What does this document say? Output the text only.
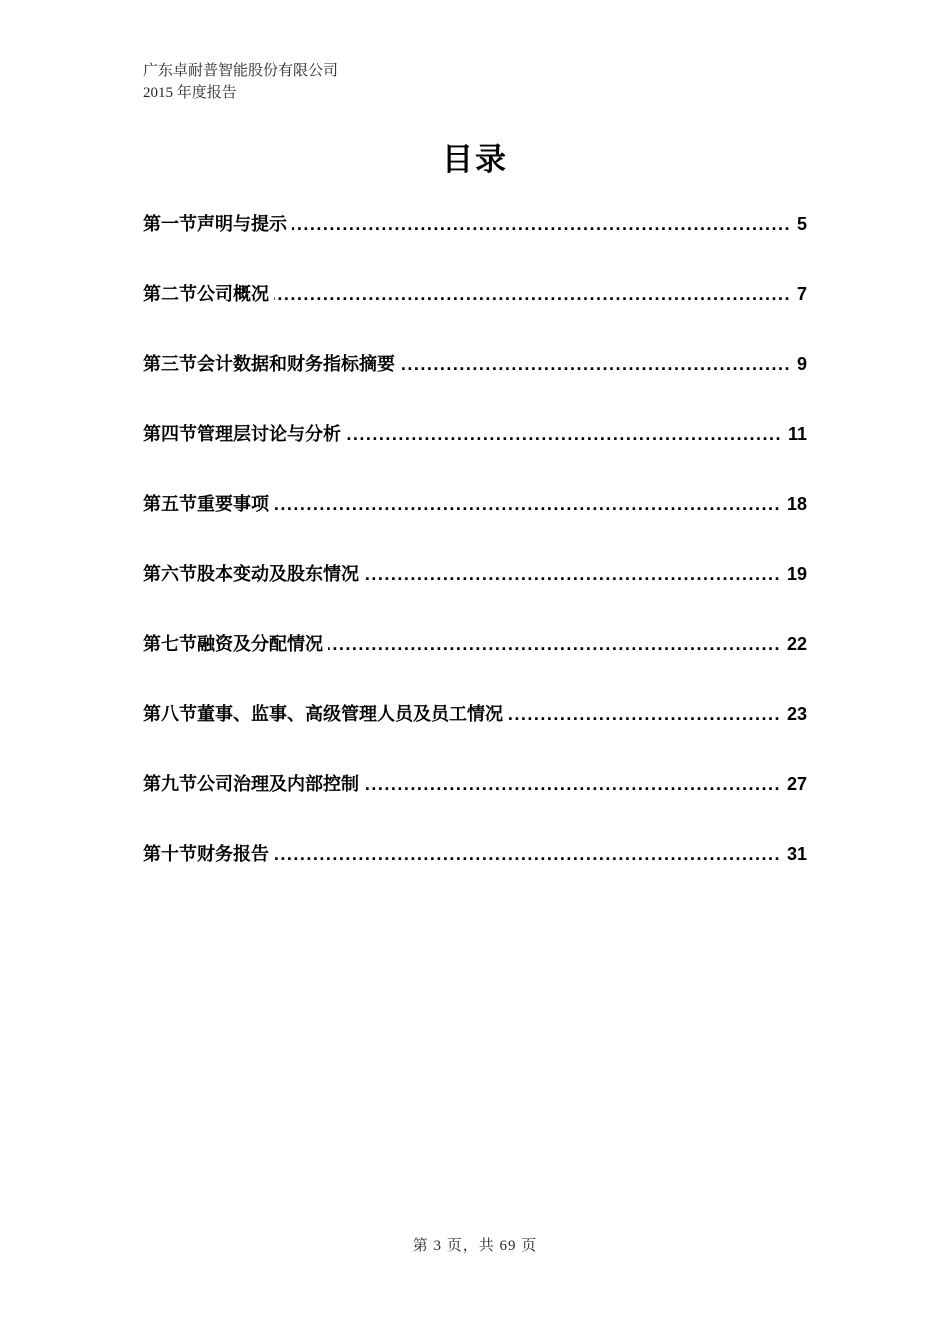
广东卓耐普智能股份有限公司
2015 年度报告
目录
第一节声明与提示 .....	5
第二节公司概况 .....	7
第三节会计数据和财务指标摘要 .....	9
第四节管理层讨论与分析 .....	11
第五节重要事项 .....	18
第六节股本变动及股东情况 .....	19
第七节融资及分配情况 .....	22
第八节董事、监事、高级管理人员及员工情况 .....	23
第九节公司治理及内部控制 .....	27
第十节财务报告 .....	31
第 3 页，共 69 页
